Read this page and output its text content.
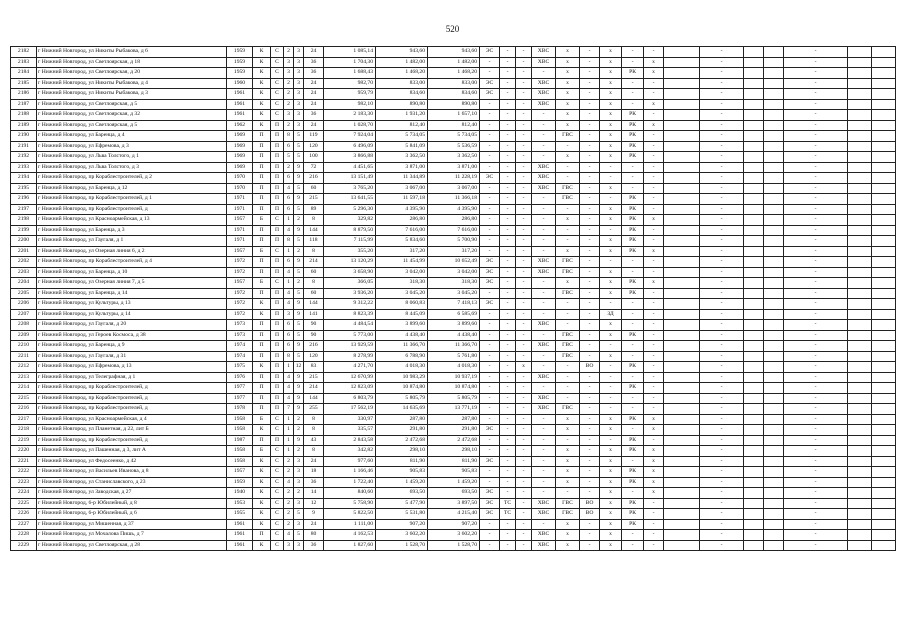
520
2182	г Нижний Новгород, ул Никиты Рыбакова, д 6	1959	К	С	2	3	24	1 085,14	943,60	943,60	ЭС	-	-	ХВС	х	-	х	-	-		-			-		
2183	г Нижний Новгород, ул Светлоярская, д 18	1959	К	С	3	3	36	1 704,30	1 482,00	1 482,00	-	-	-	ХВС	х	-	х	-	х		-			-		
2184	г Нижний Новгород, ул Светлоярская, д 20	1959	К	С	3	3	36	1 688,43	1 468,20	1 468,20	-	-	-	-	х	-	х	РК	х		-			-		
2185	г Нижний Новгород, ул Никиты Рыбакова, д 4	1960	К	С	2	3	24	982,70	833,00	833,00	ЭС	-	-	ХВС	х	-	х	-	-		-			-		
2186	г Нижний Новгород, ул Никиты Рыбакова, д 3	1961	К	С	2	3	24	959,79	834,60	834,60	ЭС	-	-	ХВС	х	-	х	-	-		-			-		
2187	г Нижний Новгород, ул Светлоярская, д 5	1961	К	С	2	3	24	982,10	890,80	890,80	-	-	-	ХВС	х	-	х	-	х		-			-		
2188	г Нижний Новгород, ул Светлоярская, д 32	1961	К	С	3	3	36	2 183,30	1 931,20	1 657,10	-	-	-	-	х	-	х	РК	-		-			-		
2189	г Нижний Новгород, ул Светлоярская, д 5	1962	К	П	2	3	24	1 028,70	812,40	812,40	-	-	-	-	х	-	х	РК	х		-			-		
2190	г Нижний Новгород, ул Баренца, д 4	1969	П	П	8	5	119	7 924,04	5 734,05	5 734,05	-	-	-	-	ГВС	-	х	РК	-		-			-		
2191	г Нижний Новгород, ул Ефремова, д 3	1969	П	П	6	5	120	6 496,09	5 841,09	5 536,59	-	-	-	-	-	-	х	РК	-		-			-		
2192	г Нижний Новгород, ул Льва Толстого, д 1	1969	П	П	5	5	100	3 866,88	3 362,50	3 362,50	-	-	-	-	х	-	х	РК	-		-			-		
2193	г Нижний Новгород, ул Льва Толстого, д 3	1969	П	П	2	9	72	4 451,65	3 871,00	3 871,00	-	-	-	ХВС	-	-	-	-	-		-			-		
2194	г Нижний Новгород, пр Кораблестроителей, д 2	1970	П	П	6	9	216	13 151,49	11 344,89	11 228,19	ЭС	-	-	ХВС	-	-	-	-	-		-			-		
2195	г Нижний Новгород, ул Баренца, д 12	1970	П	П	4	5	60	3 765,20	3 067,00	3 067,00	-	-	-	ХВС	ГВС	-	х	-	-		-			-		
2196	г Нижний Новгород, пр Кораблестроителей, д 1	1971	П	П	6	9	215	13 641,55	11 597,18	11 366,18	-	-	-	-	ГВС	-	-	РК	-		-			-		
2197	г Нижний Новгород, пр Кораблестроителей, д	1971	П	П	6	5	89	5 296,30	4 395,90	4 395,90	-	-	-	-	-	-	х	РК	-		-			-		
2198	г Нижний Новгород, ул Красноармейская, д 13	1957	Б	С	1	2	8	329,82	286,80	286,80	-	-	-	-	х	-	х	РК	х		-			-		
2199	г Нижний Новгород, ул Баренца, д 3	1971	П	П	4	9	144	8 879,50	7 616,00	7 616,00	-	-	-	-	-	-	-	РК	-		-			-		
2200	г Нижний Новгород, ул Гаугаля, д 1	1971	П	П	8	5	118	7 115,99	5 834,60	5 700,90	-	-	-	-	-	-	х	РК	-		-			-		
2201	г Нижний Новгород, ул Озерная линия 6, д 2	1957	Б	С	1	2	8	355,20	317,20	317,20	-	-	-	-	х	-	х	РК	х		-			-		
2202	г Нижний Новгород, пр Кораблестроителей, д 4	1972	П	П	6	9	214	13 120,29	11 454,99	10 652,49	ЭС	-	-	ХВС	ГВС	-	-	-	-		-			-		
2203	г Нижний Новгород, ул Баренца, д 10	1972	П	П	4	5	60	3 658,90	3 042,00	3 042,00	ЭС	-	-	ХВС	ГВС	-	х	-	-		-			-		
2204	г Нижний Новгород, ул Озерная линия 7, д 5	1957	Б	С	1	2	8	366,05	318,30	318,30	ЭС	-	-	-	х	-	х	РК	х		-			-		
2205	г Нижний Новгород, ул Баренца, д 14	1972	П	П	4	5	60	3 936,20	3 045,20	3 045,20	-	-	-	-	ГВС	-	х	РК	-		-			-		
2206	г Нижний Новгород, ул Культуры, д 13	1972	К	П	4	9	144	9 312,22	8 060,83	7 418,13	ЭС	-	-	-	-	-	-	-	-		-			-		
2207	г Нижний Новгород, ул Культуры, д 14	1972	К	П	3	9	141	8 823,39	8 445,09	6 585,69	-	-	-	-	-	-	ЗД	-	-		-			-		
2208	г Нижний Новгород, ул Гаугаля, д 20	1973	П	П	6	5	90	4 484,54	3 899,60	3 899,60	-	-	-	ХВС	-	-	х	-	-		-			-		
2209	г Нижний Новгород, ул Героев Космоса, д 38	1973	П	П	6	5	90	5 773,00	4 438,40	4 438,40	-	-	-	-	ГВС	-	х	РК	-		-			-		
2210	г Нижний Новгород, ул Баренца, д 9	1974	П	П	6	9	216	13 929,59	11 366,70	11 366,70	-	-	-	ХВС	ГВС	-	-	-	-		-			-		
2211	г Нижний Новгород, ул Гаугаля, д 31	1974	П	П	8	5	120	8 278,99	6 788,90	5 761,80	-	-	-	-	ГВС	-	х	-	-		-			-		
2212	г Нижний Новгород, ул Ефремова, д 13	1975	К	П	1	12	83	4 271,70	4 018,30	4 018,30	-	-	х	-	-	ВО	-	РК	-		-			-		
2213	г Нижний Новгород, ул Телеграфная, д 1	1976	П	П	4	9	215	12 670,99	10 983,29	10 937,19	-	-	-	ХВС	-	-	-	-	-		-			-		
2214	г Нижний Новгород, пр Кораблестроителей, д	1977	П	П	4	9	214	12 823,09	10 874,80	10 874,80	-	-	-	-	-	-	-	РК	-		-			-		
2215	г Нижний Новгород, пр Кораблестроителей, д	1977	П	П	4	9	144	6 803,79	5 805,79	5 805,79	-	-	-	ХВС	-	-	-	-	-		-			-		
2216	г Нижний Новгород, пр Кораблестроителей, д	1978	П	П	7	9	255	17 562,19	14 635,69	13 771,19	-	-	-	ХВС	ГВС	-	-	-	-		-			-		
2217	г Нижний Новгород, ул Красноармейская, д 4	1958	Б	С	1	2	8	330,97	287,80	287,80	-	-	-	-	х	-	х	РК	х		-			-		
2218	г Нижний Новгород, ул Планетная, д 22, лит Б	1958	К	С	1	2	8	335,57	291,80	291,80	ЭС	-	-	-	х	-	х	-	х		-			-		
2219	г Нижний Новгород, пр Кораблестроителей, д	1987	П	П	1	9	43	2 843,58	2 472,68	2 472,68	-	-	-	-	-	-	-	РК	-		-			-		
2220	г Нижний Новгород, ул Пашенная, д 3, лит А	1958	Б	С	1	2	8	342,82	298,10	298,10	-	-	-	-	х	-	х	РК	х		-			-		
2221	г Нижний Новгород, ул Федосеенко, д 42	1958	К	С	2	3	24	977,60	811,90	811,90	ЭС	-	-	-	х	-	х	-	х		-			-		
2222	г Нижний Новгород, ул Васильев Иванова, д 8	1957	К	С	2	3	18	1 166,46	905,83	905,83	-	-	-	-	х	-	х	РК	х		-			-		
2223	г Нижний Новгород, ул Станиславского, д 23	1959	К	С	4	3	36	1 722,40	1 459,20	1 459,20	-	-	-	-	х	-	х	РК	х		-			-		
2224	г Нижний Новгород, ул Заводская, д 27	1940	К	С	2	2	14	840,60	693,50	693,50	ЭС	-	-	-	-	-	х	-	х		-			-		
2225	г Нижний Новгород, 6-р Юбилейный, д 8	1953	К	С	2	3	12	5 758,90	5 477,90	3 897,50	ЭС	ТС	-	ХВС	ГВС	ВО	х	РК	-		-			-		
2226	г Нижний Новгород, 6-р Юбилейный, д 6	1955	К	С	2	5	9	5 822,50	5 531,80	4 215,40	ЭС	ТС	-	ХВС	ГВС	ВО	х	РК	-		-			-		
2227	г Нижний Новгород, ул Мишенная, д 37	1961	К	С	2	3	24	1 111,00	907,20	907,20	-	-	-	-	х	-	х	РК	-		-			-		
2228	г Нижний Новгород, ул Мочалова Пишь, д 7	1961	П	С	4	5	80	4 162,53	3 602,20	3 602,20	-	-	-	ХВС	х	-	х	-	-		-			-		
2229	г Нижний Новгород, ул Светлоярская, д 28	1961	К	С	3	3	36	1 827,60	1 528,70	1 528,70	-	-	-	ХВС	х	-	х	-	-		-			-		
